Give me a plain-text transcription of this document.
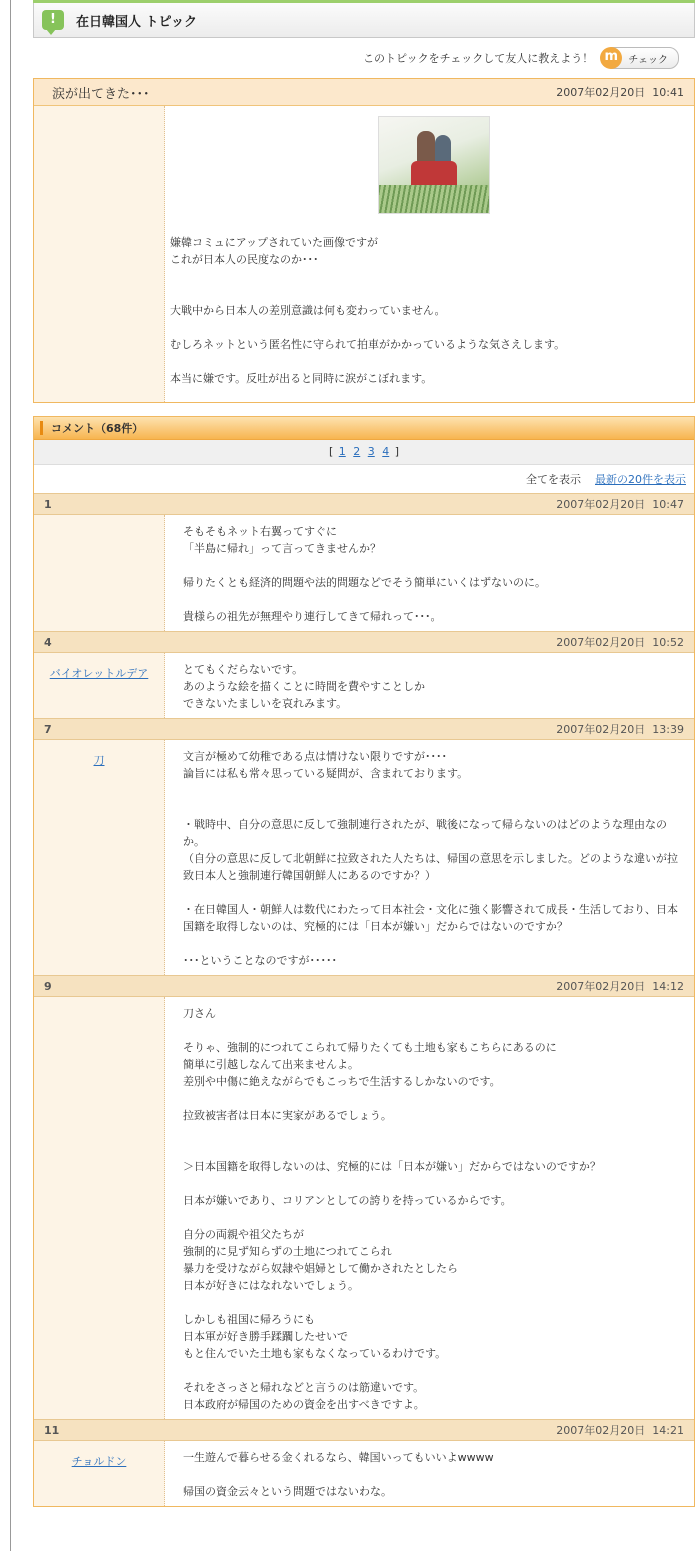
!	在日韓国人 トピック
このトピックをチェックして友人に教えよう！ m	チェック
涙が出てきた･･･	2007年02月20日 10:41
嫌韓コミュにアップされていた画像ですが
これが日本人の民度なのか･･･
大戦中から日本人の差別意識は何も変わっていません。
むしろネットという匿名性に守られて拍車がかかっているような気さえします。
本当に嫌です。反吐が出ると同時に涙がこぼれます。
コメント（68件）
[ 1 2 3 4 ]
全てを表示 最新の20件を表示
1	2007年02月20日 10:47
そもそもネット右翼ってすぐに
「半島に帰れ」って言ってきませんか？
帰りたくとも経済的問題や法的問題などでそう簡単にいくはずないのに。
貴様らの祖先が無理やり連行してきて帰れって･･･。
4	2007年02月20日 10:52
バイオレットルデア	とてもくだらないです。
あのような絵を描くことに時間を費やすことしか
できないたましいを哀れみます。
7	2007年02月20日 13:39
刀	文言が極めて幼稚である点は情けない限りですが････
論旨には私も常々思っている疑問が、含まれております。
・戦時中、自分の意思に反して強制連行されたが、戦後になって帰らないのはどのような理由なの
か。
（自分の意思に反して北朝鮮に拉致された人たちは、帰国の意思を示しました。どのような違いが拉
致日本人と強制連行韓国朝鮮人にあるのですか？）
・在日韓国人・朝鮮人は数代にわたって日本社会・文化に強く影響されて成長・生活しており、日本
国籍を取得しないのは、究極的には「日本が嫌い」だからではないのですか？
･･･ということなのですが･････
9	2007年02月20日 14:12
刀さん
そりゃ、強制的につれてこられて帰りたくても土地も家もこちらにあるのに
簡単に引越しなんて出来ませんよ。
差別や中傷に絶えながらでもこっちで生活するしかないのです。
拉致被害者は日本に実家があるでしょう。
＞日本国籍を取得しないのは、究極的には「日本が嫌い」だからではないのですか？
日本が嫌いであり、コリアンとしての誇りを持っているからです。
自分の両親や祖父たちが
強制的に見ず知らずの土地につれてこられ
暴力を受けながら奴隷や娼婦として働かされたとしたら
日本が好きにはなれないでしょう。
しかしも祖国に帰ろうにも
日本軍が好き勝手蹂躙したせいで
もと住んでいた土地も家もなくなっているわけです。
それをさっさと帰れなどと言うのは筋違いです。
日本政府が帰国のための資金を出すべきですよ。
11	2007年02月20日 14:21
チョルドン	一生遊んで暮らせる金くれるなら、韓国いってもいいよwwww
帰国の資金云々という問題ではないわな。
